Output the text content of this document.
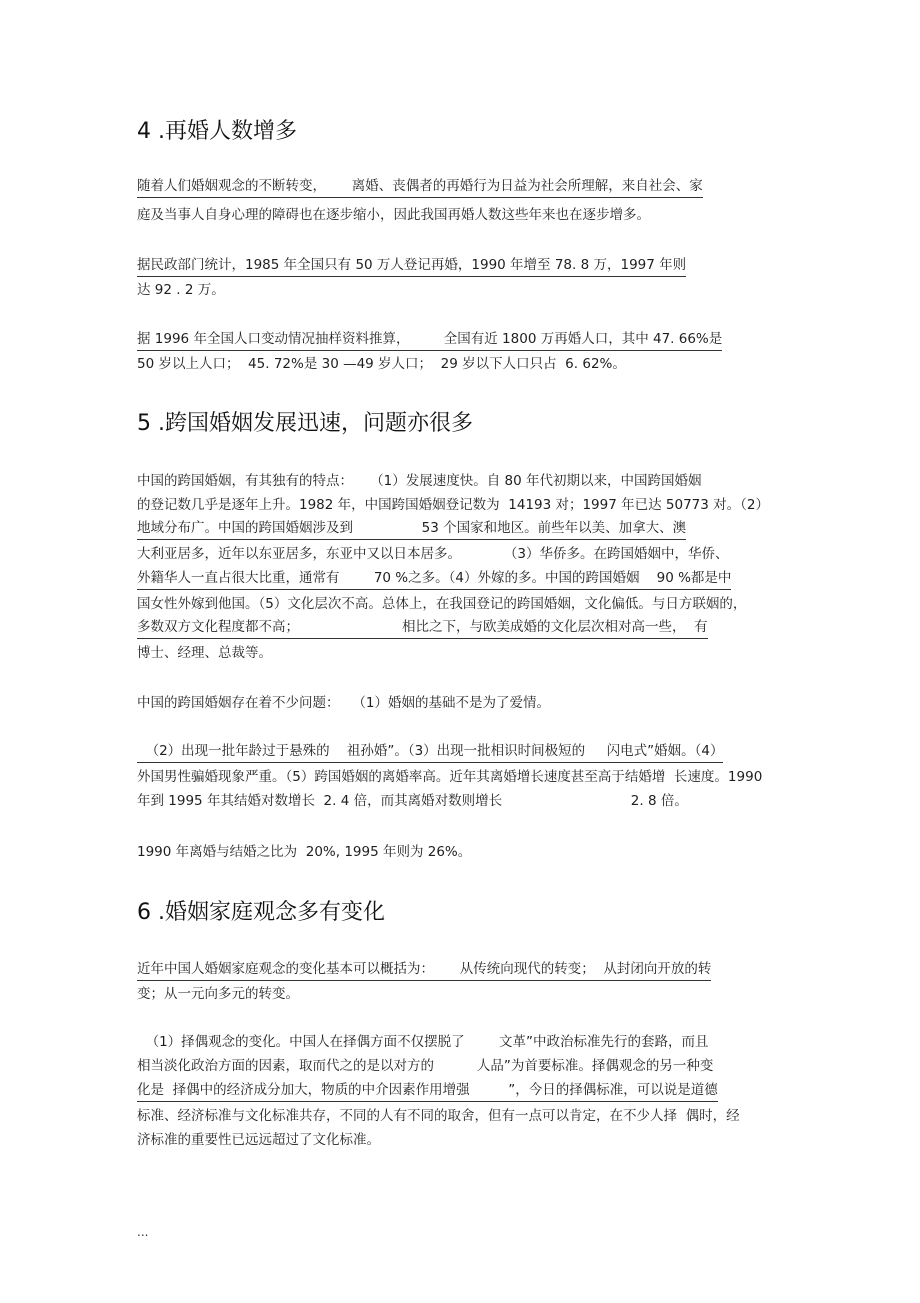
4 .再婚人数增多
随着人们婚姻观念的不断转变，      离婚、丧偶者的再婚行为日益为社会所理解，来自社会、家
庭及当事人自身心理的障碍也在逐步缩小，因此我国再婚人数这些年来也在逐步增多。
据民政部门统计，1985 年全国只有 50 万人登记再婚，1990 年增至 78. 8 万，1997 年则
达 92 . 2 万。
据 1996 年全国人口变动情况抽样资料推算，        全国有近 1800 万再婚人口，其中 47. 66%是
50 岁以上人口；  45. 72%是 30 —49 岁人口；  29 岁以下人口只占  6. 62%。
5 .跨国婚姻发展迅速，问题亦很多
中国的跨国婚姻，有其独有的特点：    （1）发展速度快。自 80 年代初期以来，中国跨国婚姻
的登记数几乎是逐年上升。1982 年，中国跨国婚姻登记数为  14193 对；1997 年已达 50773 对。（2）
地域分布广。中国的跨国婚姻涉及到                53 个国家和地区。前些年以美、加拿大、澳
大利亚居多，近年以东亚居多，东亚中又以日本居多。          （3）华侨多。在跨国婚姻中，华侨、
外籍华人一直占很大比重，通常有        70 %之多。（4）外嫁的多。中国的跨国婚姻    90 %都是中
国女性外嫁到他国。（5）文化层次不高。总体上，在我国登记的跨国婚姻，文化偏低。与日方联姻的，
多数双方文化程度都不高；                        相比之下，与欧美成婚的文化层次相对高一些，  有
博士、经理、总裁等。
中国的跨国婚姻存在着不少问题：   （1）婚姻的基础不是为了爱情。
（2）出现一批年龄过于悬殊的    祖孙婚”。（3）出现一批相识时间极短的     闪电式”婚姻。（4）
外国男性骗婚现象严重。（5）跨国婚姻的离婚率高。近年其离婚增长速度甚至高于结婚增  长速度。1990
年到 1995 年其结婚对数增长  2. 4 倍，而其离婚对数则增长                              2. 8 倍。
1990 年离婚与结婚之比为  20%, 1995 年则为 26%。
6 .婚姻家庭观念多有变化
近年中国人婚姻家庭观念的变化基本可以概括为：      从传统向现代的转变；  从封闭向开放的转
变；从一元向多元的转变。
（1）择偶观念的变化。中国人在择偶方面不仅摆脱了        文革”中政治标准先行的套路，而且
相当淡化政治方面的因素，取而代之的是以对方的          人品”为首要标准。择偶观念的另一种变
化是  择偶中的经济成分加大，物质的中介因素作用增强         ”，今日的择偶标准，可以说是道德
标准、经济标准与文化标准共存，不同的人有不同的取舍，但有一点可以肯定，在不少人择  偶时，经
济标准的重要性已远远超过了文化标准。
...
